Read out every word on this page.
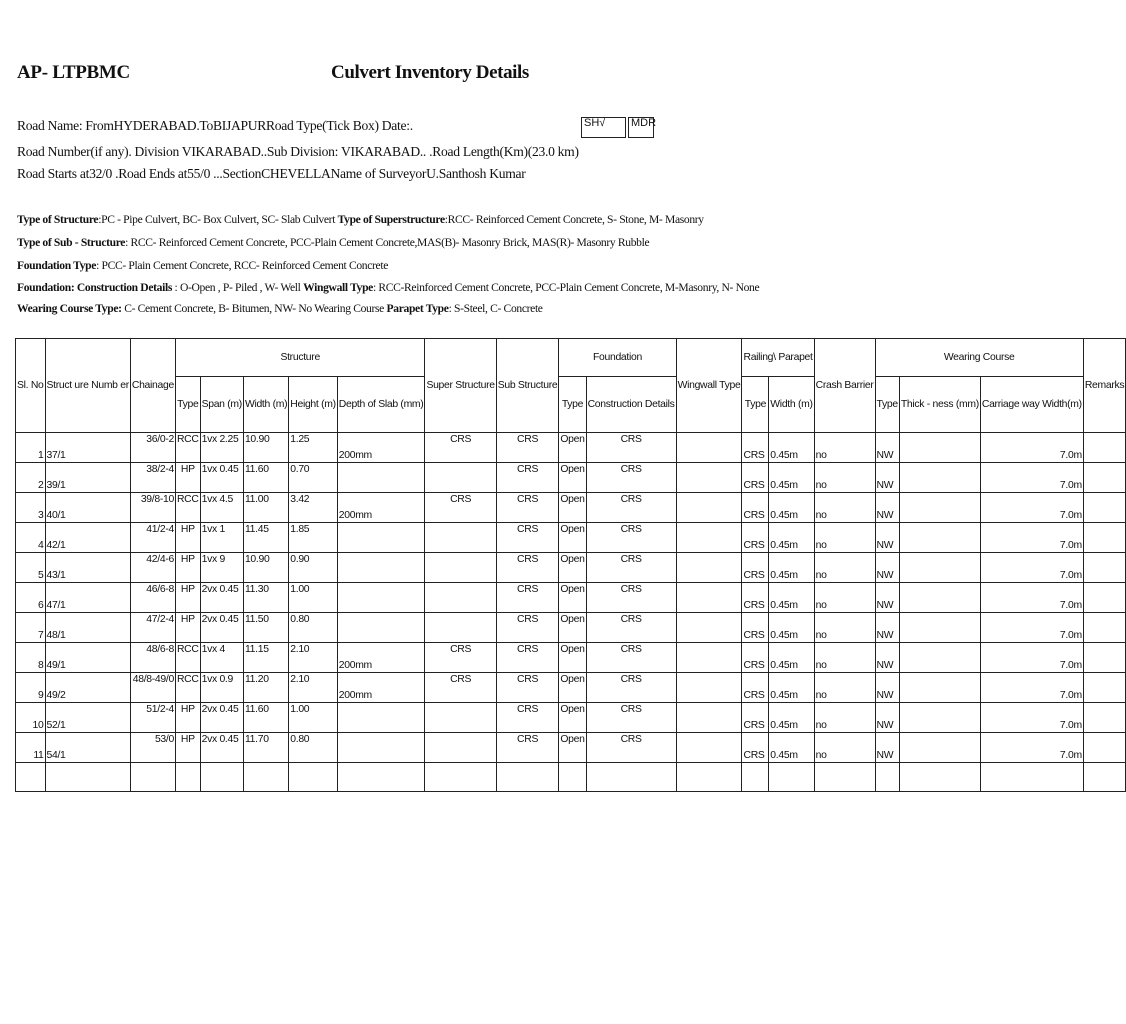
AP- LTPBMC	Culvert Inventory Details
Road Name: FromHYDERABAD.ToBIJAPURRoad Type(Tick Box) Date:.	SH√	MDR
Road Number(if any). Division VIKARABAD..Sub Division: VIKARABAD.. .Road Length(Km)(23.0 km)
Road Starts at32/0 .Road Ends at55/0 ...SectionCHEVELLAName of SurveyorU.Santhosh Kumar
Type of Structure:PC - Pipe Culvert, BC- Box Culvert, SC- Slab Culvert Type of Superstructure:RCC- Reinforced Cement Concrete, S- Stone, M- Masonry
Type of Sub - Structure: RCC- Reinforced Cement Concrete, PCC-Plain Cement Concrete,MAS(B)- Masonry Brick, MAS(R)- Masonry Rubble
Foundation Type: PCC- Plain Cement Concrete, RCC- Reinforced Cement Concrete
Foundation: Construction Details : O-Open , P- Piled , W- Well Wingwall Type: RCC-Reinforced Cement Concrete, PCC-Plain Cement Concrete, M-Masonry, N- None
Wearing Course Type: C- Cement Concrete, B- Bitumen, NW- No Wearing Course Parapet Type: S-Steel, C- Concrete
Sl. No	Struct ure Numb er	Chainage	Structure					Super Structure	Sub Structure	Foundation		Wingwall Type	Railing\ Parapet		Crash Barrier	Wearing Course			Remarks
			Type	Span (m)	Width (m)	Height (m)	Depth of Slab (mm)			Type	Construction Details		Type	Width (m)		Type	Thick - ness (mm)	Carriage way Width(m)	
1	37/1	36/0-2	RCC	1vx 2.25	10.90	1.25	200mm	CRS	CRS	Open	CRS		CRS	0.45m	no	NW		7.0m	
2	39/1	38/2-4	HP	1vx 0.45	11.60	0.70			CRS	Open	CRS		CRS	0.45m	no	NW		7.0m	
3	40/1	39/8-10	RCC	1vx 4.5	11.00	3.42	200mm	CRS	CRS	Open	CRS		CRS	0.45m	no	NW		7.0m	
4	42/1	41/2-4	HP	1vx 1	11.45	1.85			CRS	Open	CRS		CRS	0.45m	no	NW		7.0m	
5	43/1	42/4-6	HP	1vx 9	10.90	0.90			CRS	Open	CRS		CRS	0.45m	no	NW		7.0m	
6	47/1	46/6-8	HP	2vx 0.45	11.30	1.00			CRS	Open	CRS		CRS	0.45m	no	NW		7.0m	
7	48/1	47/2-4	HP	2vx 0.45	11.50	0.80			CRS	Open	CRS		CRS	0.45m	no	NW		7.0m	
8	49/1	48/6-8	RCC	1vx 4	11.15	2.10	200mm	CRS	CRS	Open	CRS		CRS	0.45m	no	NW		7.0m	
9	49/2	48/8-49/0	RCC	1vx 0.9	11.20	2.10	200mm	CRS	CRS	Open	CRS		CRS	0.45m	no	NW		7.0m	
10	52/1	51/2-4	HP	2vx 0.45	11.60	1.00			CRS	Open	CRS		CRS	0.45m	no	NW		7.0m	
11	54/1	53/0	HP	2vx 0.45	11.70	0.80			CRS	Open	CRS		CRS	0.45m	no	NW		7.0m	
